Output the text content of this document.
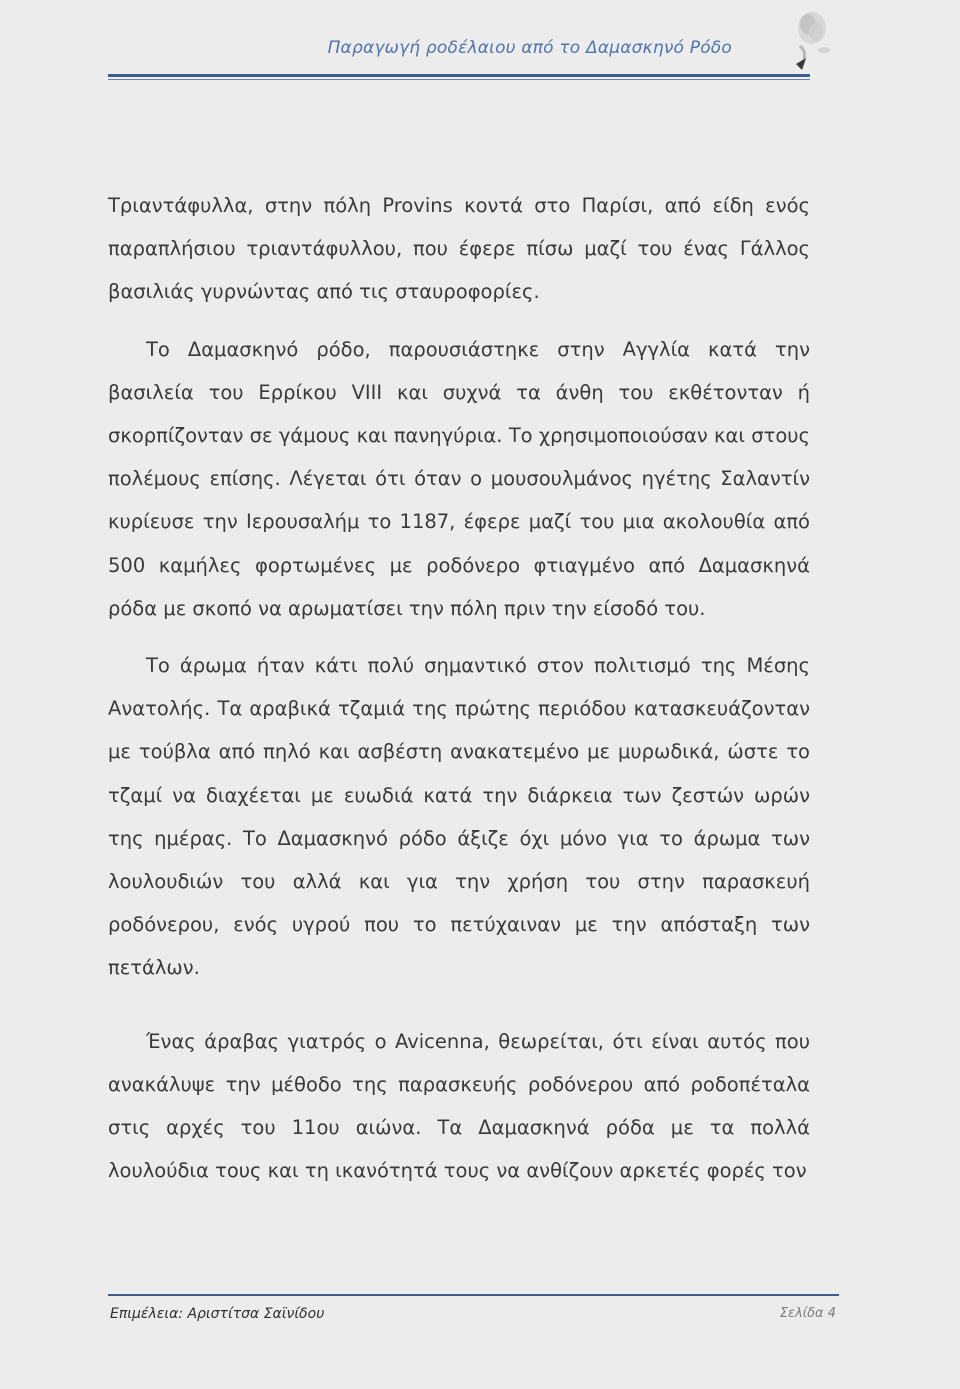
Παραγωγή ροδέλαιου από το Δαμασκηνό Ρόδο

Τριαντάφυλλα, στην πόλη Provins κοντά στο Παρίσι, από είδη ενός παραπλήσιου τριαντάφυλλου, που έφερε πίσω μαζί του ένας Γάλλος βασιλιάς γυρνώντας από τις σταυροφορίες.

Το Δαμασκηνό ρόδο, παρουσιάστηκε στην Αγγλία κατά την βασιλεία του Ερρίκου VIII και συχνά τα άνθη του εκθέτονταν ή σκορπίζονταν σε γάμους και πανηγύρια. Το χρησιμοποιούσαν και στους πολέμους επίσης. Λέγεται ότι όταν ο μουσουλμάνος ηγέτης Σαλαντίν κυρίευσε την Ιερουσαλήμ το 1187, έφερε μαζί του μια ακολουθία από 500 καμήλες φορτωμένες με ροδόνερο φτιαγμένο από Δαμασκηνά ρόδα με σκοπό να αρωματίσει την πόλη πριν την είσοδό του.

Το άρωμα ήταν κάτι πολύ σημαντικό στον πολιτισμό της Μέσης Ανατολής. Τα αραβικά τζαμιά της πρώτης περιόδου κατασκευάζονταν με τούβλα από πηλό και ασβέστη ανακατεμένο με μυρωδικά, ώστε το τζαμί να διαχέεται με ευωδιά κατά την διάρκεια των ζεστών ωρών της ημέρας. Το Δαμασκηνό ρόδο άξιζε όχι μόνο για το άρωμα των λουλουδιών του αλλά και για την χρήση του στην παρασκευή ροδόνερου, ενός υγρού που το πετύχαιναν με την απόσταξη των πετάλων.

Ένας άραβας γιατρός ο Avicenna, θεωρείται, ότι είναι αυτός που ανακάλυψε την μέθοδο της παρασκευής ροδόνερου από ροδοπέταλα στις αρχές του 11ου αιώνα. Τα Δαμασκηνά ρόδα με τα πολλά λουλούδια τους και τη ικανότητά τους να ανθίζουν αρκετές φορές τον

Επιμέλεια: Αριστίτσα Σαϊνίδου	Σελίδα 4
